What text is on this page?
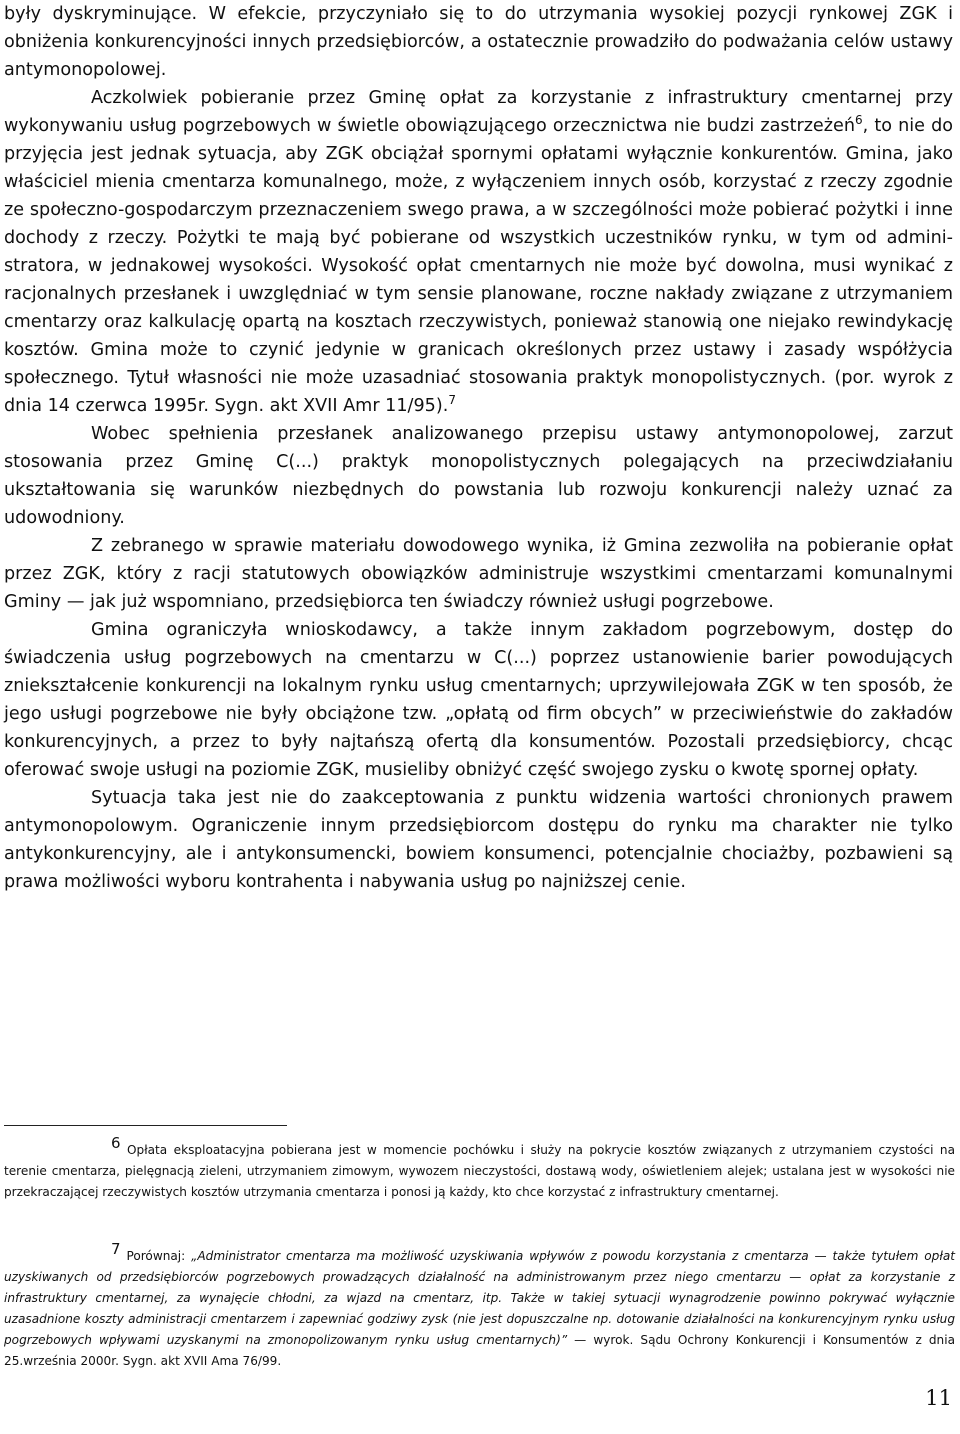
były dyskryminujące. W efekcie, przyczyniało się to do utrzymania wysokiej pozycji rynkowej ZGK i obniżenia konkurencyjności innych przedsiębiorców, a ostatecznie prowadziło do podważania celów ustawy antymonopolowej.

Aczkolwiek pobieranie przez Gminę opłat za korzystanie z infrastruktury cmentarnej przy wykonywaniu usług pogrzebowych w świetle obowiązującego orzecznictwa nie budzi zastrzeżeń$^6$, to nie do przyjęcia jest jednak sytuacja, aby ZGK obciążał spornymi opłatami wyłącznie konkurentów. Gmina, jako właściciel mienia cmentarza komunalnego, może, z wyłączeniem innych osób, korzystać z rzeczy zgodnie ze społeczno-gospodarczym przeznaczeniem swego prawa, a w szczególności może pobierać pożytki i inne dochody z rzeczy. Pożytki te mają być pobierane od wszystkich uczestników rynku, w tym od administratora, w jednakowej wysokości. Wysokość opłat cmentarnych nie może być dowolna, musi wynikać z racjonalnych przesłanek i uwzględniać w tym sensie planowane, roczne nakłady związane z utrzymaniem cmentarzy oraz kalkulację opartą na kosztach rzeczywistych, ponieważ stanowią one niejako rewindykację kosztów. Gmina może to czynić jedynie w granicach określonych przez ustawy i zasady współżycia społecznego. Tytuł własności nie może uzasadniać stosowania praktyk monopolistycznych. (por. wyrok z dnia 14 czerwca 1995r. Sygn. akt XVII Amr 11/95).$^7$

Wobec spełnienia przesłanek analizowanego przepisu ustawy antymonopolowej, zarzut stosowania przez Gminę C(...) praktyk monopolistycznych polegających na przeciwdziałaniu ukształtowania się warunków niezbędnych do powstania lub rozwoju konkurencji należy uznać za udowodniony.

Z zebranego w sprawie materiału dowodowego wynika, iż Gmina zezwoliła na pobieranie opłat przez ZGK, który z racji statutowych obowiązków administruje wszystkimi cmentarzami komunalnymi Gminy — jak już wspomniano, przedsiębiorca ten świadczy również usługi pogrzebowe.

Gmina ograniczyła wnioskodawcy, a także innym zakładom pogrzebowym, dostęp do świadczenia usług pogrzebowych na cmentarzu w C(...) poprzez ustanowienie barier powodujących zniekształcenie konkurencji na lokalnym rynku usług cmentarnych; uprzywilejowała ZGK w ten sposób, że jego usługi pogrzebowe nie były obciążone tzw. „opłatą od firm obcych” w przeciwieństwie do zakładów konkurencyjnych, a przez to były najtańszą ofertą dla konsumentów. Pozostali przedsiębiorcy, chcąc oferować swoje usługi na poziomie ZGK, musieliby obniżyć część swojego zysku o kwotę spornej opłaty.

Sytuacja taka jest nie do zaakceptowania z punktu widzenia wartości chronionych prawem antymonopolowym. Ograniczenie innym przedsiębiorcom dostępu do rynku ma charakter nie tylko antykonkurencyjny, ale i antykonsumencki, bowiem konsumenci, potencjalnie chociażby, pozbawieni są prawa możliwości wyboru kontrahenta i nabywania usług po najniższej cenie.

$^6$ Opłata eksploatacyjna pobierana jest w momencie pochówku i służy na pokrycie kosztów związanych z utrzymaniem czystości na terenie cmentarza, pielęgnacją zieleni, utrzymaniem zimowym, wywozem nieczystości, dostawą wody, oświetleniem alejek; ustalana jest w wysokości nie przekraczającej rzeczywistych kosztów utrzymania cmentarza i ponosi ją każdy, kto chce korzystać z infrastruktury cmentarnej.

$^7$ Porównaj: „Administrator cmentarza ma możliwość uzyskiwania wpływów z powodu korzystania z cmentarza — także tytułem opłat uzyskiwanych od przedsiębiorców pogrzebowych prowadzących działalność na administrowanym przez niego cmentarzu — opłat za korzystanie z infrastruktury cmentarnej, za wynajęcie chłodni, za wjazd na cmentarz, itp. Także w takiej sytuacji wynagrodzenie powinno pokrywać wyłącznie uzasadnione koszty administracji cmentarzem i zapewniać godziwy zysk (nie jest dopuszczalne np. dotowanie działalności na konkurencyjnym rynku usług pogrzebowych wpływami uzyskanymi na zmonopolizowanym rynku usług cmentarnych)” — wyrok. Sądu Ochrony Konkurencji i Konsumentów z dnia 25.września 2000r. Sygn. akt XVII Ama 76/99.

11
